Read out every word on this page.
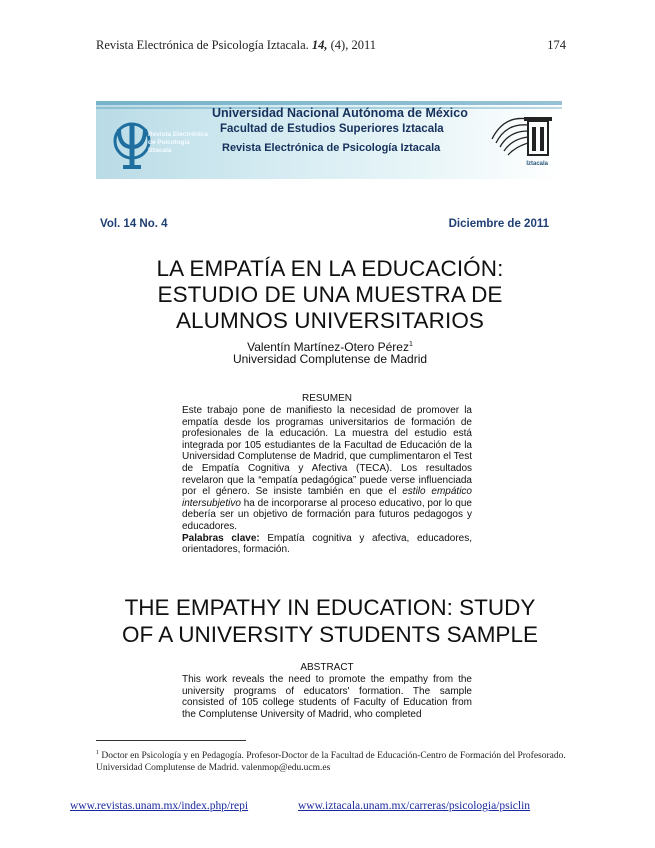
Revista Electrónica de Psicología Iztacala. 14, (4), 2011	174
Revista Electrónica de Psicología Iztacala
Universidad Nacional Autónoma de México
Facultad de Estudios Superiores Iztacala
Revista Electrónica de Psicología Iztacala
Iztacala
Vol. 14 No. 4	Diciembre de 2011
LA EMPATÍA EN LA EDUCACIÓN:
ESTUDIO DE UNA MUESTRA DE
ALUMNOS UNIVERSITARIOS
Valentín Martínez-Otero Pérez$^1$
Universidad Complutense de Madrid
RESUMEN
Este trabajo pone de manifiesto la necesidad de promover la empatía desde los programas universitarios de formación de profesionales de la educación. La muestra del estudio está integrada por 105 estudiantes de la Facultad de Educación de la Universidad Complutense de Madrid, que cumplimentaron el Test de Empatía Cognitiva y Afectiva (TECA). Los resultados revelaron que la “empatía pedagógica” puede verse influenciada por el género. Se insiste también en que el estilo empático intersubjetivo ha de incorporarse al proceso educativo, por lo que debería ser un objetivo de formación para futuros pedagogos y educadores.
Palabras clave: Empatía cognitiva y afectiva, educadores, orientadores, formación.
THE EMPATHY IN EDUCATION: STUDY
OF A UNIVERSITY STUDENTS SAMPLE
ABSTRACT
This work reveals the need to promote the empathy from the university programs of educators' formation. The sample consisted of 105 college students of Faculty of Education from the Complutense University of Madrid, who completed
$^1$ Doctor en Psicología y en Pedagogía. Profesor-Doctor de la Facultad de Educación-Centro de Formación del Profesorado. Universidad Complutense de Madrid. valenmop@edu.ucm.es
www.revistas.unam.mx/index.php/repi	www.iztacala.unam.mx/carreras/psicologia/psiclin
